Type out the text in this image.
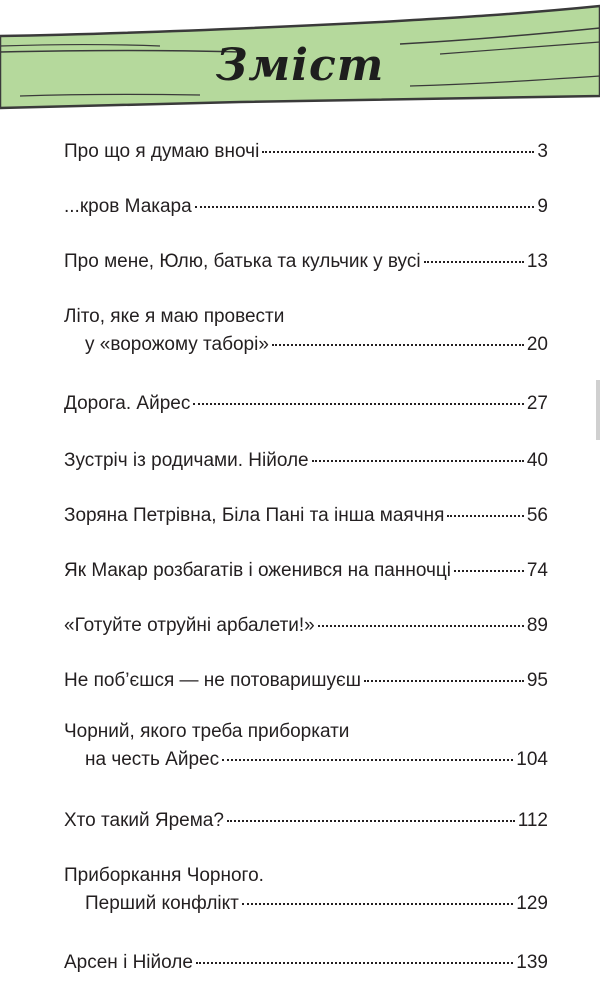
Зміст
Про що я думаю вночі	3
...кров Макара	9
Про мене, Юлю, батька та кульчик у вусі	13
Літо, яке я маю провести
у «ворожому таборі»	20
Дорога. Айрес	27
Зустріч із родичами. Нійоле	40
Зоряна Петрівна, Біла Пані та інша маячня	56
Як Макар розбагатів і оженився на панночці	74
«Готуйте отруйні арбалети!»	89
Не поб’єшся — не потоваришуєш	95
Чорний, якого треба приборкати
на честь Айрес	104
Хто такий Ярема?	112
Приборкання Чорного.
Перший конфлікт	129
Арсен і Нійоле	139
